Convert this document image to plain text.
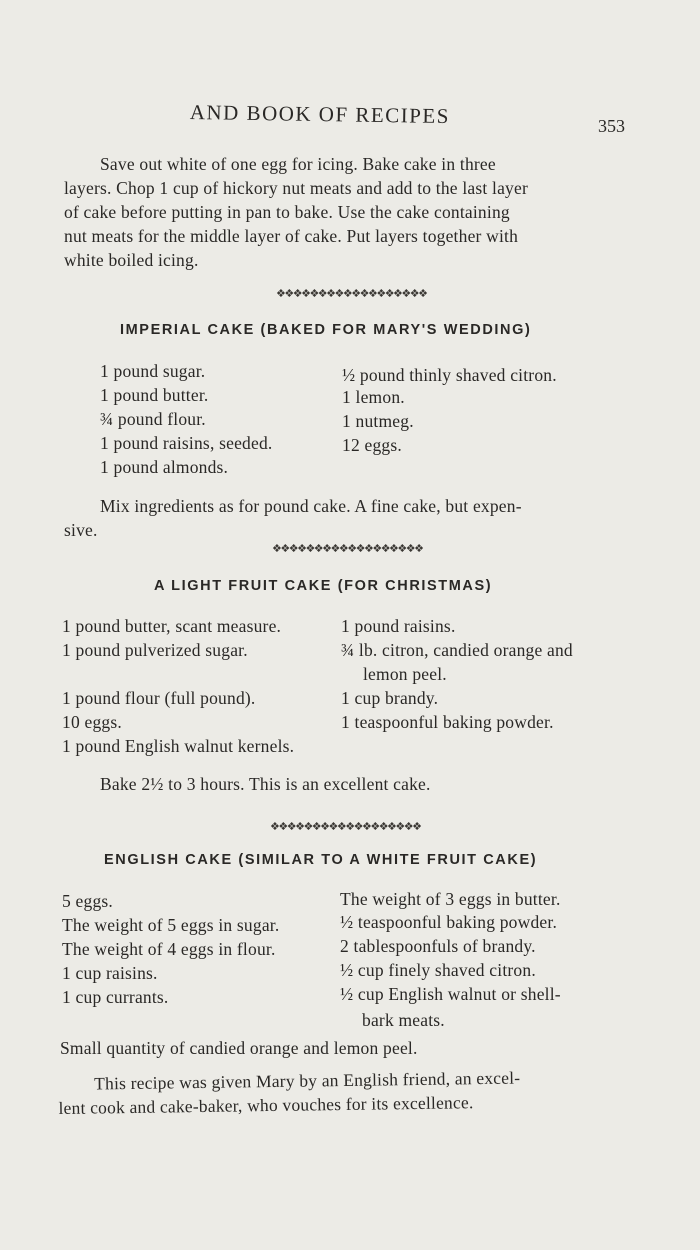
AND BOOK OF RECIPES	353
Save out white of one egg for icing. Bake cake in three
layers. Chop 1 cup of hickory nut meats and add to the last layer
of cake before putting in pan to bake. Use the cake containing
nut meats for the middle layer of cake. Put layers together with
white boiled icing.
❖❖❖❖❖❖❖❖❖❖❖❖❖❖❖❖❖❖
IMPERIAL CAKE (BAKED FOR MARY'S WEDDING)
1 pound sugar.
1 pound butter.
¾ pound flour.
1 pound raisins, seeded.
1 pound almonds.
½ pound thinly shaved citron.
1 lemon.
1 nutmeg.
12 eggs.
Mix ingredients as for pound cake. A fine cake, but expen-
sive.
❖❖❖❖❖❖❖❖❖❖❖❖❖❖❖❖❖❖
A LIGHT FRUIT CAKE (FOR CHRISTMAS)
1 pound butter, scant measure.
1 pound pulverized sugar.
1 pound flour (full pound).
10 eggs.
1 pound English walnut kernels.
1 pound raisins.
¾ lb. citron, candied orange and
lemon peel.
1 cup brandy.
1 teaspoonful baking powder.
Bake 2½ to 3 hours. This is an excellent cake.
❖❖❖❖❖❖❖❖❖❖❖❖❖❖❖❖❖❖
ENGLISH CAKE (SIMILAR TO A WHITE FRUIT CAKE)
5 eggs.
The weight of 5 eggs in sugar.
The weight of 4 eggs in flour.
1 cup raisins.
1 cup currants.
The weight of 3 eggs in butter.
½ teaspoonful baking powder.
2 tablespoonfuls of brandy.
½ cup finely shaved citron.
½ cup English walnut or shell-
bark meats.
Small quantity of candied orange and lemon peel.
This recipe was given Mary by an English friend, an excel-
lent cook and cake-baker, who vouches for its excellence.
